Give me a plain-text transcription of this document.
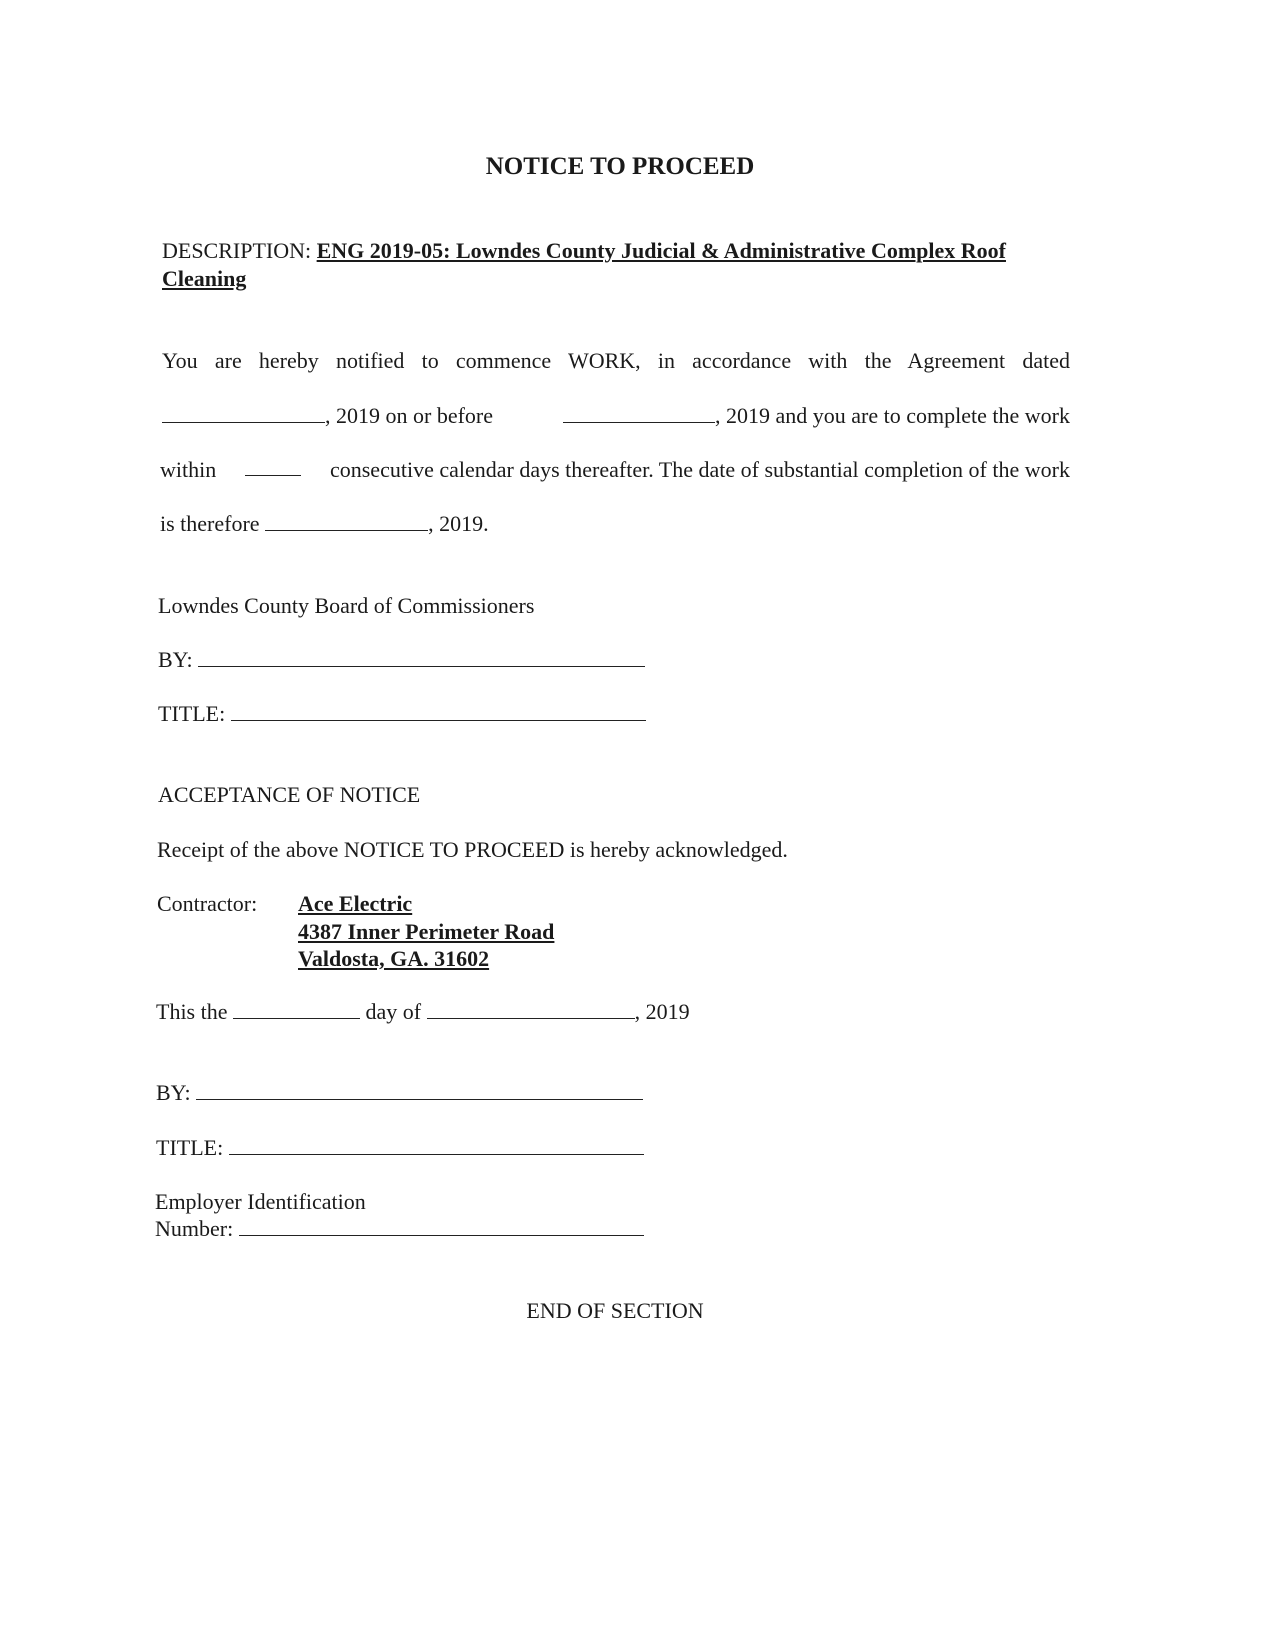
NOTICE TO PROCEED
DESCRIPTION: ENG 2019-05: Lowndes County Judicial & Administrative Complex Roof
Cleaning
You are hereby notified to commence WORK, in accordance with the Agreement dated
, 2019 on or before	, 2019 and you are to complete the work
within	consecutive calendar days thereafter. The date of substantial completion of the work
is therefore	, 2019.
Lowndes County Board of Commissioners
BY:
TITLE:
ACCEPTANCE OF NOTICE
Receipt of the above NOTICE TO PROCEED is hereby acknowledged.
Contractor: Ace Electric
4387 Inner Perimeter Road
Valdosta, GA. 31602
This the	day of	, 2019
BY:
TITLE:
Employer Identification
Number:
END OF SECTION
